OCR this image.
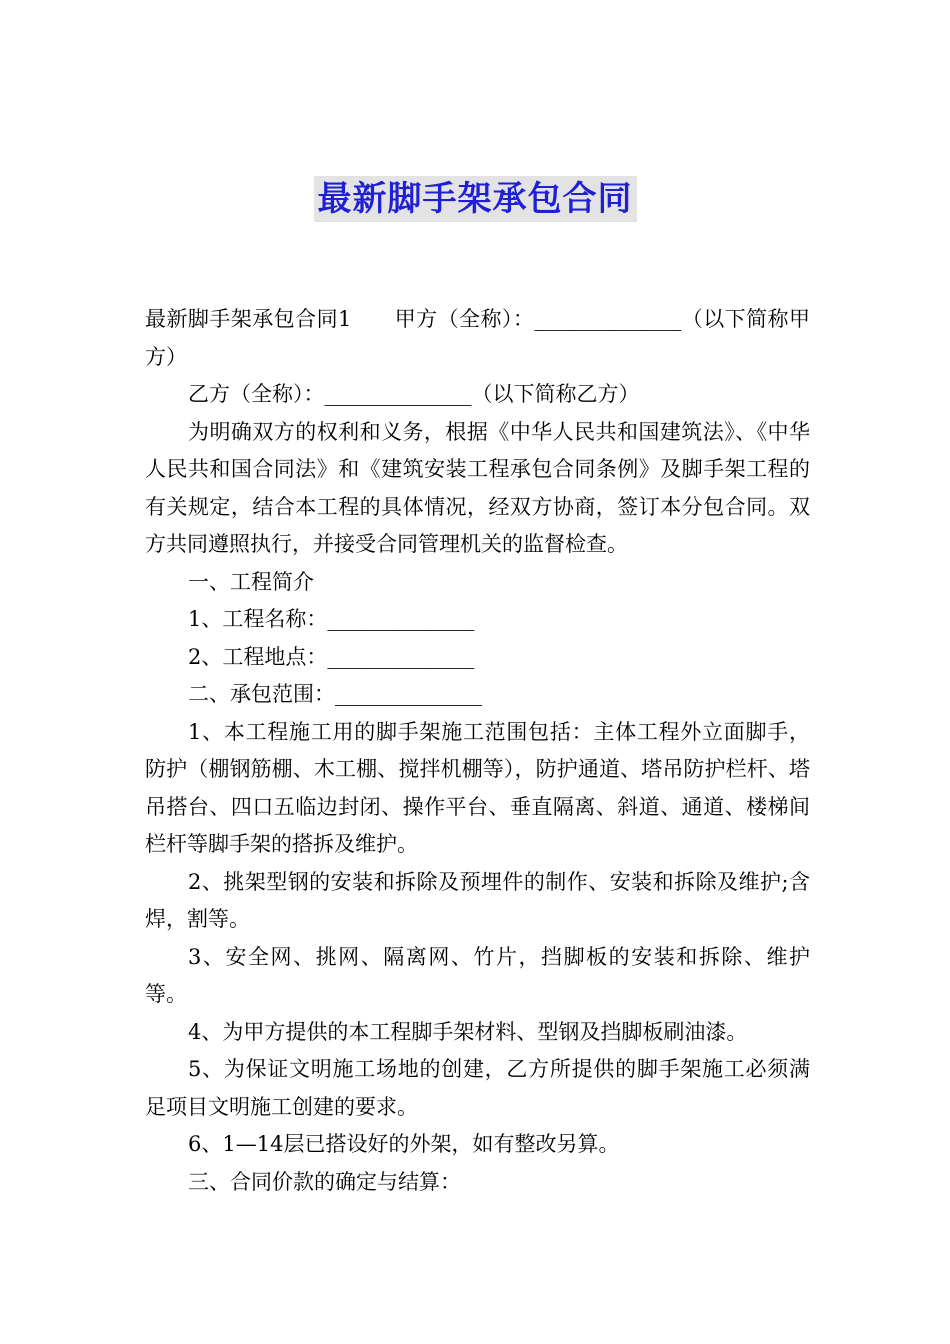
最新脚手架承包合同

最新脚手架承包合同1　　甲方（全称）：______________（以下简称甲方）

乙方（全称）：______________（以下简称乙方）

为明确双方的权利和义务，根据《中华人民共和国建筑法》、《中华人民共和国合同法》和《建筑安装工程承包合同条例》及脚手架工程的有关规定，结合本工程的具体情况，经双方协商，签订本分包合同。双方共同遵照执行，并接受合同管理机关的监督检查。

一、工程简介

1、工程名称：______________

2、工程地点：______________

二、承包范围：______________

1、本工程施工用的脚手架施工范围包括：主体工程外立面脚手，防护（棚钢筋棚、木工棚、搅拌机棚等），防护通道、塔吊防护栏杆、塔吊搭台、四口五临边封闭、操作平台、垂直隔离、斜道、通道、楼梯间栏杆等脚手架的搭拆及维护。

2、挑架型钢的安装和拆除及预埋件的制作、安装和拆除及维护;含焊，割等。

3、安全网、挑网、隔离网、竹片，挡脚板的安装和拆除、维护等。

4、为甲方提供的本工程脚手架材料、型钢及挡脚板刷油漆。

5、为保证文明施工场地的创建，乙方所提供的脚手架施工必须满足项目文明施工创建的要求。

6、1—14层已搭设好的外架，如有整改另算。

三、合同价款的确定与结算：
